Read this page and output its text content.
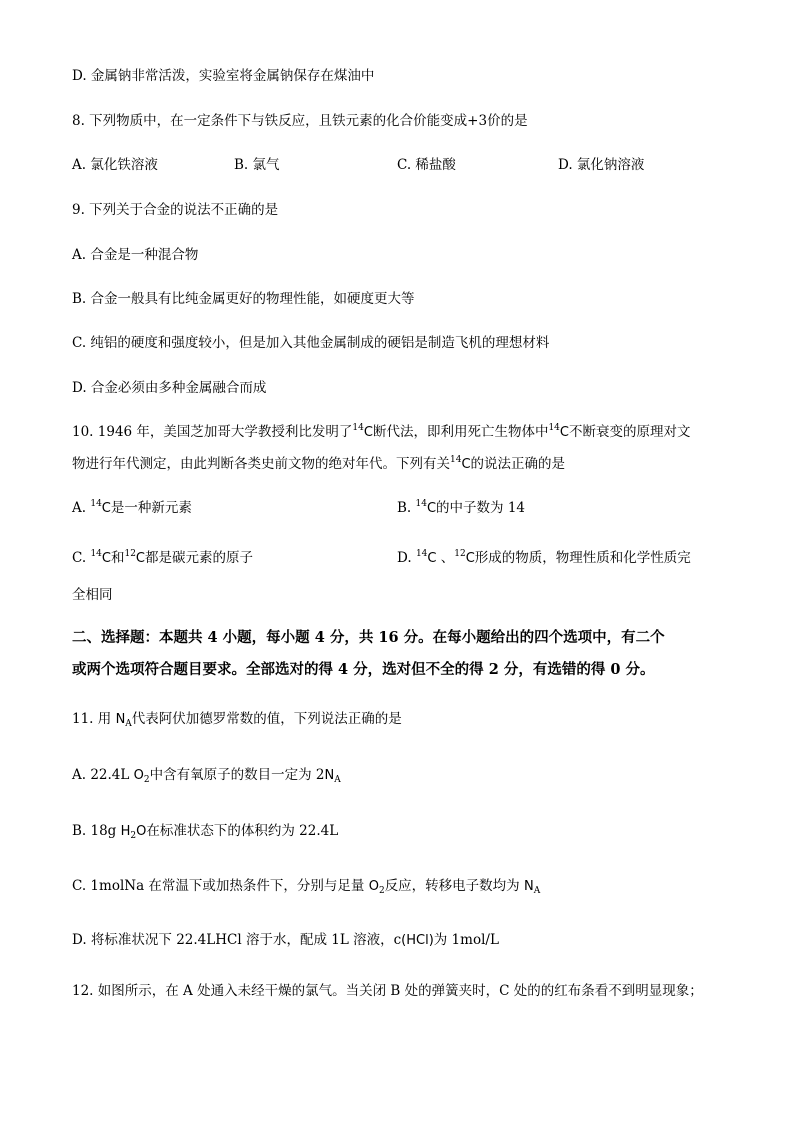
D. 金属钠非常活泼，实验室将金属钠保存在煤油中
8. 下列物质中，在一定条件下与铁反应，且铁元素的化合价能变成+3价的是
A. 氯化铁溶液	B. 氯气	C. 稀盐酸	D. 氯化钠溶液
9. 下列关于合金的说法不正确的是
A. 合金是一种混合物
B. 合金一般具有比纯金属更好的物理性能，如硬度更大等
C. 纯铝的硬度和强度较小，但是加入其他金属制成的硬铝是制造飞机的理想材料
D. 合金必须由多种金属融合而成
10. 1946 年，美国芝加哥大学教授利比发明了$^{14}$C断代法，即利用死亡生物体中$^{14}$C不断衰变的原理对文
物进行年代测定，由此判断各类史前文物的绝对年代。下列有关$^{14}$C的说法正确的是
A. $^{14}$C是一种新元素	B. $^{14}$C的中子数为 14
C. $^{14}$C和$^{12}$C都是碳元素的原子	D. $^{14}$C 、$^{12}$C形成的物质，物理性质和化学性质完
全相同
二、选择题：本题共 4 小题，每小题 4 分，共 16 分。在每小题给出的四个选项中，有二个
或两个选项符合题目要求。全部选对的得 4 分，选对但不全的得 2 分，有选错的得 0 分。
11. 用 $N_A$代表阿伏加德罗常数的值，下列说法正确的是
A. 22.4L $O_2$中含有氧原子的数目一定为 $2N_A$
B. 18g $H_2O$在标准状态下的体积约为 22.4L
C. 1molNa 在常温下或加热条件下，分别与足量 $O_2$反应，转移电子数均为 $N_A$
D. 将标准状况下 22.4LHCl 溶于水，配成 1L 溶液，c(HCl)为 1mol/L
12. 如图所示，在 A 处通入未经干燥的氯气。当关闭 B 处的弹簧夹时，C 处的的红布条看不到明显现象；
